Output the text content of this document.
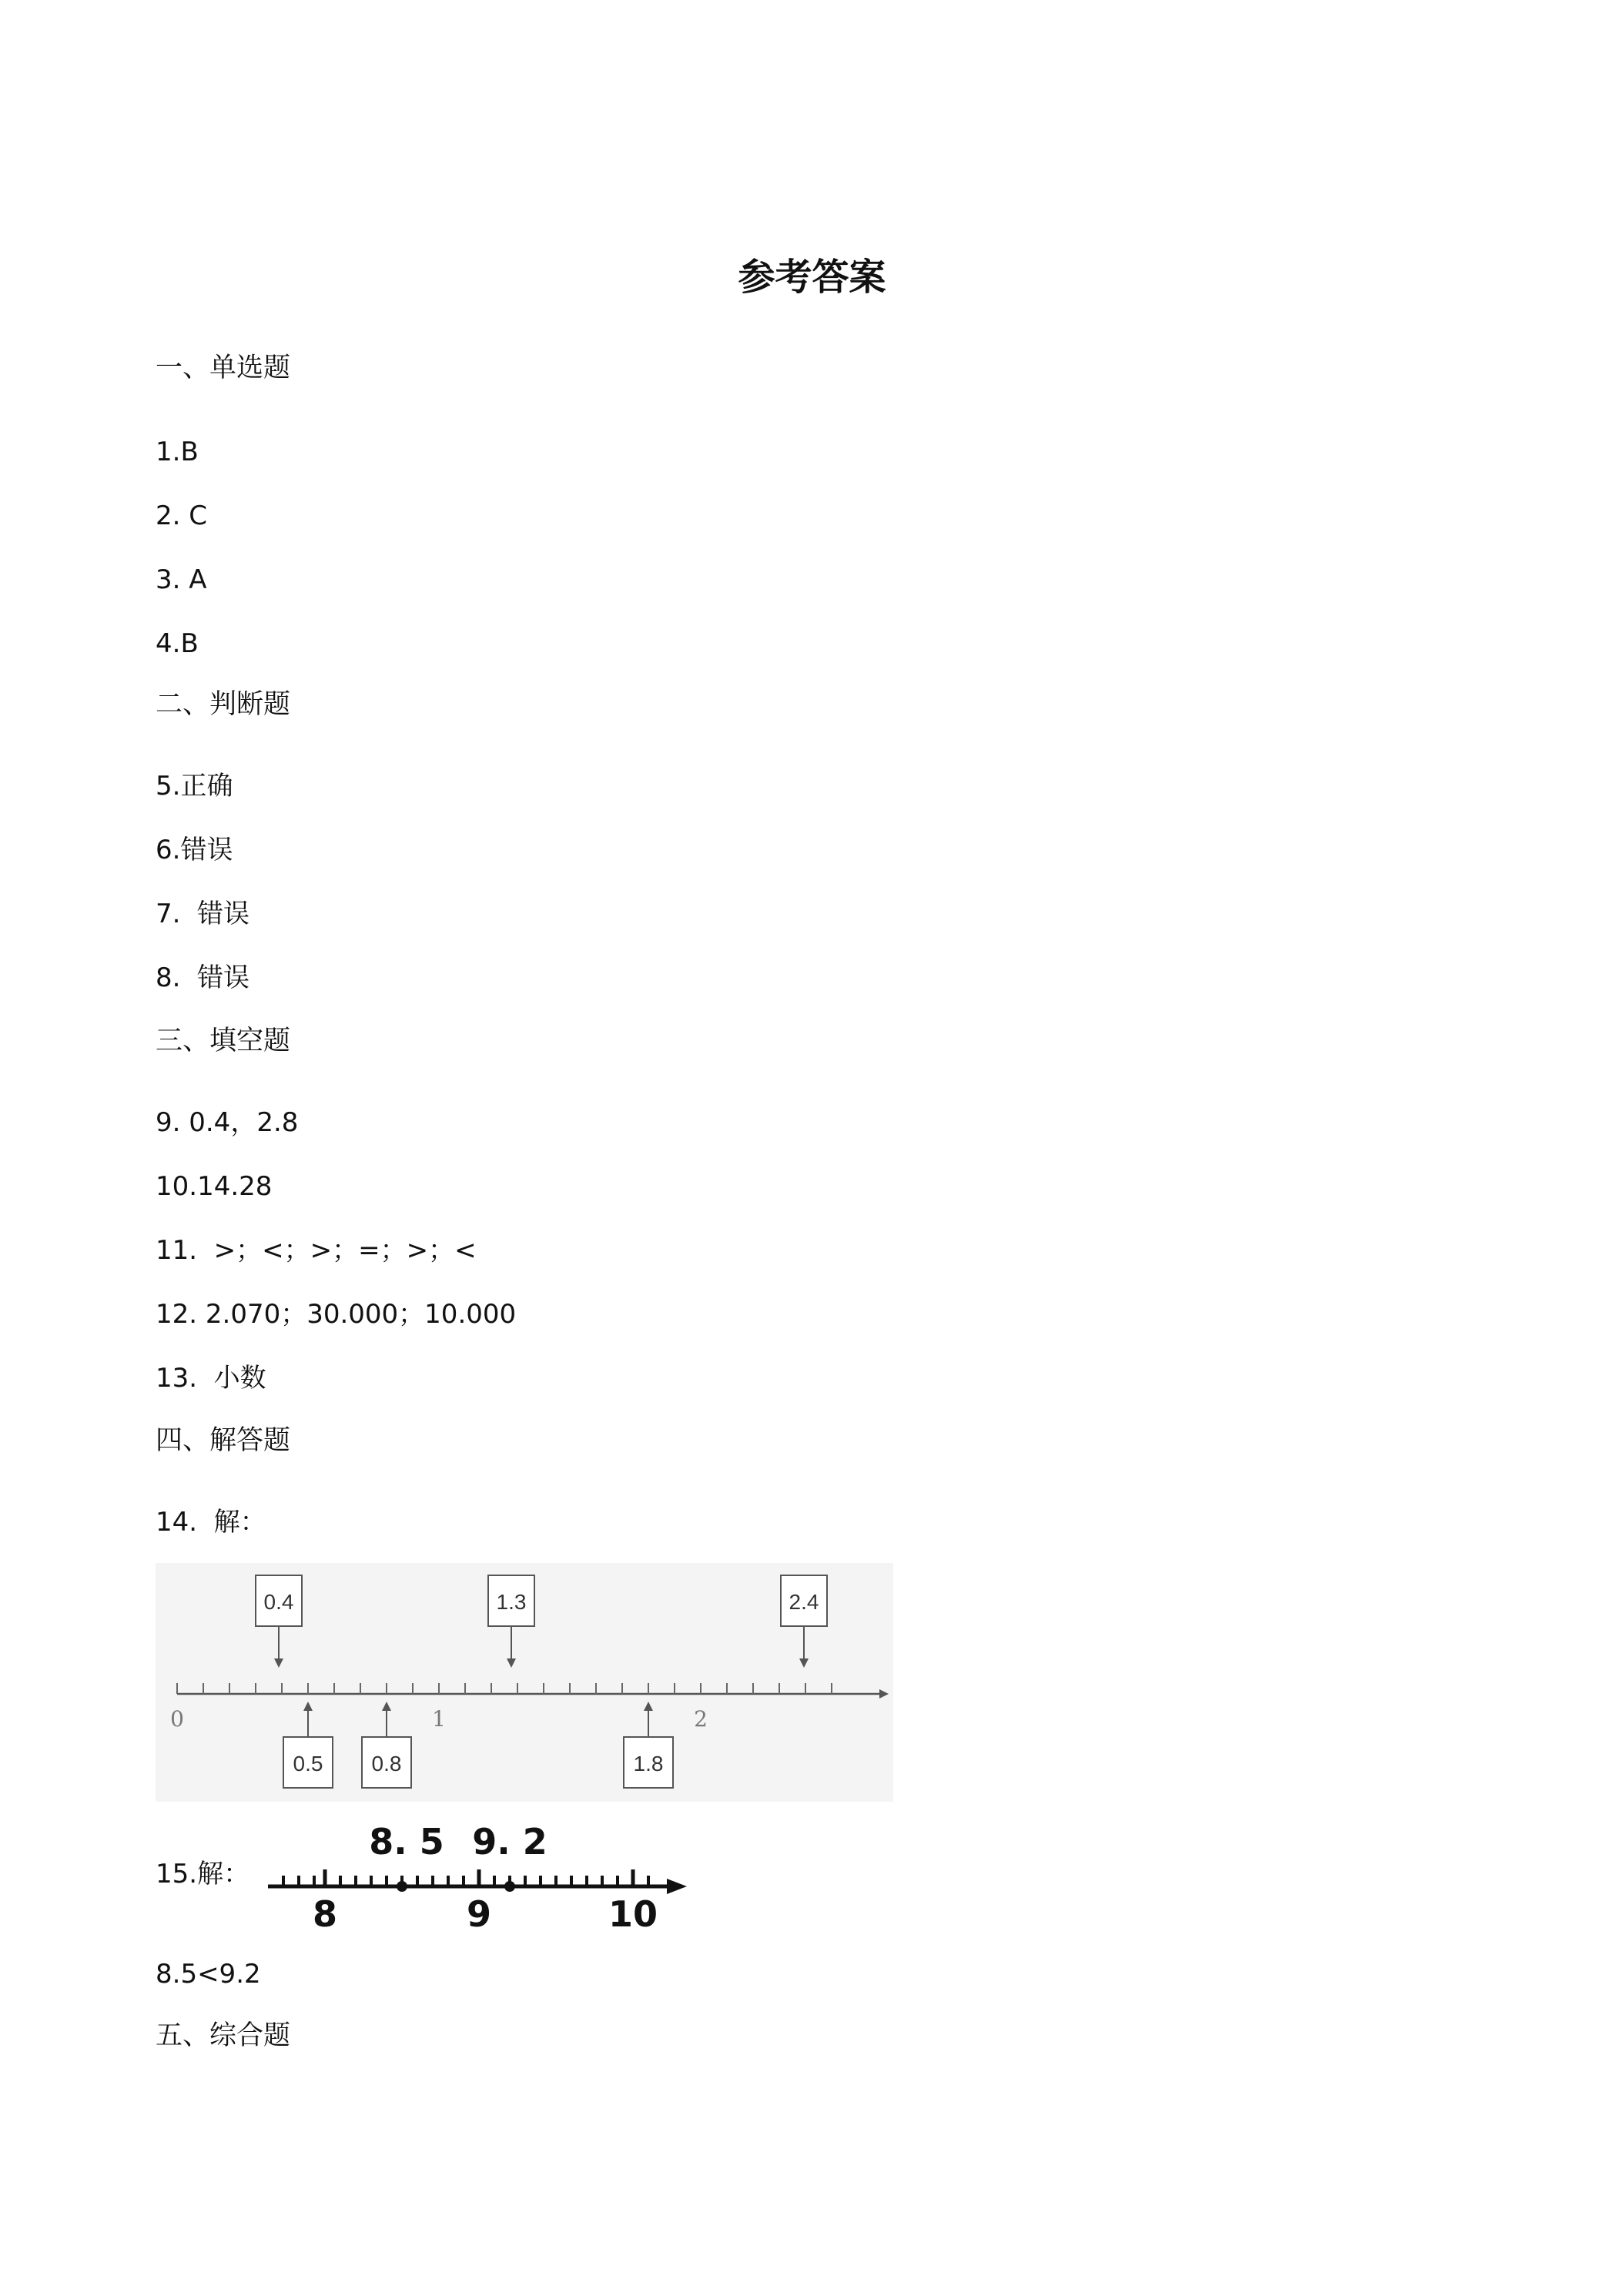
参考答案
一、单选题
1.B
2. C
3. A
4.B
二、判断题
5.正确
6.错误
7.  错误
8.  错误
三、填空题
9. 0.4，2.8
10.14.28
11.  >；<；>；=；>；<
12. 2.070；30.000；10.000
13.  小数
四、解答题
14.  解：
0	1	2
0.4	1.3	2.4
0.5 0.8	1.8
15.解：
8. 5 9. 2
8	9	10
8.5<9.2
五、综合题
